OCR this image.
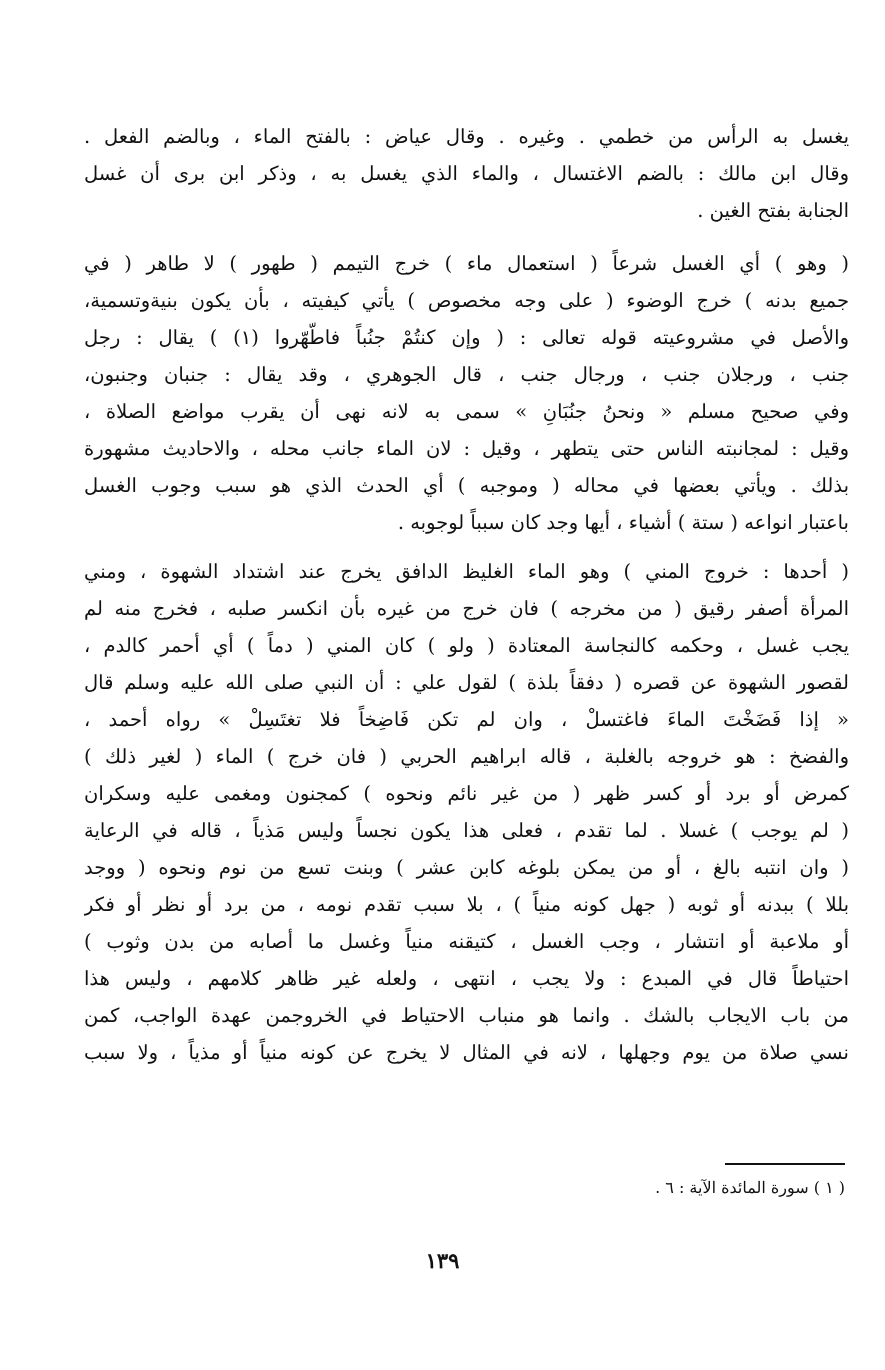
يغسل به الرأس من خطمي . وغيره . وقال عياض : بالفتح الماء ، وبالضم الفعل .
وقال ابن مالك : بالضم الاغتسال ، والماء الذي يغسل به ، وذكر ابن برى أن غسل
الجنابة بفتح الغين .
( وهو ) أي الغسل شرعاً ( استعمال ماء ) خرج التيمم ( طهور ) لا طاهر ( في
جميع بدنه ) خرج الوضوء ( على وجه مخصوص ) يأتي كيفيته ، بأن يكون بنيةوتسمية،
والأصل في مشروعيته قوله تعالى : ( وإن كنتُمْ جنُباً فاطّهّروا (١) ) يقال : رجل
جنب ، ورجلان جنب ، ورجال جنب ، قال الجوهري ، وقد يقال : جنبان وجنبون،
وفي صحيح مسلم « ونحنُ جنُبَانِ » سمى به لانه نهى أن يقرب مواضع الصلاة ،
وقيل : لمجانبته الناس حتى يتطهر ، وقيل : لان الماء جانب محله ، والاحاديث مشهورة
بذلك . ويأتي بعضها في محاله ( وموجبه ) أي الحدث الذي هو سبب وجوب الغسل
باعتبار انواعه ( ستة ) أشياء ، أيها وجد كان سبباً لوجوبه .
( أحدها : خروج المني ) وهو الماء الغليظ الدافق يخرج عند اشتداد الشهوة ، ومني
المرأة أصفر رقيق ( من مخرجه ) فان خرج من غيره بأن انكسر صلبه ، فخرج منه لم
يجب غسل ، وحكمه كالنجاسة المعتادة ( ولو ) كان المني ( دماً ) أي أحمر كالدم ،
لقصور الشهوة عن قصره ( دفقاً بلذة ) لقول علي : أن النبي صلى الله عليه وسلم قال
« إذا فَضَخْتَ الماءَ فاغتسلْ ، وان لم تكن فَاضِخاً فلا تغتَسِلْ » رواه أحمد ،
والفضخ : هو خروجه بالغلبة ، قاله ابراهيم الحربي ( فان خرج ) الماء ( لغير ذلك )
كمرض أو برد أو كسر ظهر ( من غير نائم ونحوه ) كمجنون ومغمى عليه وسكران
( لم يوجب ) غسلا . لما تقدم ، فعلى هذا يكون نجساً وليس مَذياً ، قاله في الرعاية
( وان انتبه بالغ ، أو من يمكن بلوغه كابن عشر ) وبنت تسع من نوم ونحوه ( ووجد
بللا ) ببدنه أو ثوبه ( جهل كونه منياً ) ، بلا سبب تقدم نومه ، من برد أو نظر أو فكر
أو ملاعبة أو انتشار ، وجب الغسل ، كتيقنه منياً وغسل ما أصابه من بدن وثوب )
احتياطاً قال في المبدع : ولا يجب ، انتهى ، ولعله غير ظاهر كلامهم ، وليس هذا
من باب الايجاب بالشك . وانما هو منباب الاحتياط في الخروجمن عهدة الواجب، كمن
نسي صلاة من يوم وجهلها ، لانه في المثال لا يخرج عن كونه منياً أو مذياً ، ولا سبب
( ١ ) سورة المائدة الآية : ٦ .
١٣٩
